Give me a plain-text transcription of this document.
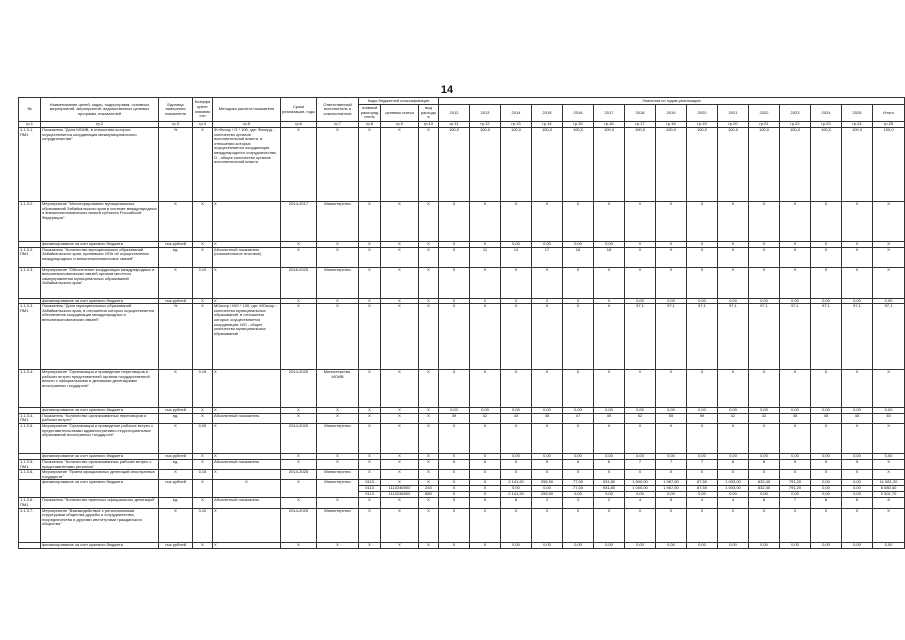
14
№	Наименование целей, задач, подпрограмм, основных мероприятий, мероприятий, ведомственных целевых программ, показателей	Единица измерения показателя	Коэффициент значимости	Методика расчета показателя	Сроки реализации, годы	Ответственный исполнитель и соисполнители	Коды бюджетной классификации			Значения по годам реализации														
							главный распорядитель	целевая статья	вид расходов	2012	2013	2014	2015	2016	2017	2018	2019	2020	2021	2022	2023	2024	2025	Итого
гр.1	гр.2	гр.3	гр.4	гр.5	гр.6	гр.7	гр.8	гр.9	гр.10	гр.11	гр.12	гр.13	гр.14	гр.15	гр.16	гр.17	гр.18	гр.19	гр.20	гр.21	гр.22	гр.23	гр.24	гр.25
1.1.3.1. ПМ1	Показатель "Доля МОИВ, в отношении которых осуществляется координация межмуниципального сотрудничества"	%	X	Ф=Фкоор / О * 100, где: Фкоорд - количество органов исполнительной власти, в отношении которых осуществляется координация международного сотрудничества; О - общее количество органов исполнительной власти	X	X	X	X	X	100,0	100,0	100,0	100,0	100,0	100,0	100,0	100,0	100,0	100,0	100,0	100,0	100,0	100,0	100,0
1.1.3.2.	Мероприятие "Мониторирование муниципальных образований Забайкальского края в системе международных и внешнеэкономических связей субъекта Российской Федерации"	X	X	X	2014-2017	Министерство	X	X	X	X	X	X	X	X	X	X	X	X	X	X	X	X	X	X
	финансирование за счет краевого бюджета	тыс.рублей	X	X	X	X	X	X	X	X	X	0,00	0,00	0,00	0,00	X	X	X	X	X	X	X	X	X
1.1.3.2. ПМ1	Показатель "Количество муниципальных образований Забайкальского края, принявших НПА об осуществлении международных и внешнеэкономических связей"	ед.	X	Абсолютный показатель (показательное итоговое)	X	X	X	X	X	5	11	14	17	16	18	X	X	X	X	X	X	X	X	X
1.1.3.3.	Мероприятие "Обеспечение координации международных и внешнеэкономических связей органов местного самоуправления муниципальных образований Забайкальского края"	X	0,10	X	2018-2025	Министерство	X	X	X	X	X	X	X	X	X	X	X	X	X	X	X	X	X	X
	финансирование за счет краевого бюджета	тыс.рублей	X	X	X	X	X	X	X	X	X	X	X	X	X	0,00	0,00	0,00	0,00	0,00	0,00	0,00	0,00	0,00
1.1.3.3. ПМ1	Показатель "Доля муниципальных образований Забайкальского края, в отношении которых осуществляется обеспечение координации международных и внешнеэкономических связей"	%	X	МОкоор / МО * 100, где: МОкоор - количество муниципальных образований, в отношении которых осуществляется координация; МО - общее количество муниципальных образований	X	X	X	X	X	X	X	X	X	X	X	97,1	97,1	97,1	97,1	97,1	97,1	97,1	97,1	97,1
1.1.3.4.	Мероприятие "Организация и проведение переговоров и рабочих встреч представителей органов государственной власти с официальными и деловыми делегациями иностранных государств"	X	0,15	X	2014-2025	Министерство, МОИВ	X	X	X	X	X	X	X	X	X	X	X	X	X	X	X	X	X	X
	финансирование за счет краевого бюджета	тыс.рублей	X	X	X	X	X	X	X	0,00	0,00	0,00	0,00	0,00	0,00	0,00	0,00	0,00	0,00	0,00	0,00	0,00	0,00	0,00
1.1.3.4. ПМ1	Показатель "Количество организованных переговоров и рабочих встреч"	ед.	X	Абсолютный показатель	X	X	X	X	X	39	42	43	45	47	49	52	55	59	42	42	45	45	45	45
1.1.3.5.	Мероприятие "Организация и проведение рабочих встреч с представительствами административно-территориальных образований иностранных государств"	X	0,05	X	2014-2025	Министерство	X	X	X	X	X	X	X	X	X	X	X	X	X	X	X	X	X	X
	финансирование за счет краевого бюджета	тыс.рублей	X	X	X	X	X	X	X	X	X	0,00	0,00	0,00	0,00	0,00	0,00	0,00	0,00	0,00	0,00	0,00	0,00	0,00
1.1.3.5. ПМ1	Показатель "Количество организованных рабочих встреч с представителями регионов"	ед.	X	Абсолютный показатель	X	X	X	X	X	6	6	5	5	6	6	7	7	7	8	8	9	9	9	9
1.1.3.6.	Мероприятие "Прием официальных делегаций иностранных государств"	X	0,15	X	2014-2025	Министерство	X	X	X	X	X	X	X	X	X	X	X	X	X	X	X	X	X	X
	финансирование за счет краевого бюджета	тыс.рублей	X	X	X	Министерство	0113	X	X	X	X	2 141,20	255,50	77,50	931,80	1 900,00	1 967,50	87,50	1 003,00	832,40	791,20	0,00	0,00	11 081,20
							0113	1110246900	240	X	X	0,00	0,00	77,00	931,80	1 000,00	1 967,50	87,50	1 003,00	832,40	791,20	0,00	0,00	8 680,40
							0113	1110246900	880	X	X	2 141,20	255,50	0,00	0,00	0,00	0,00	0,00	0,00	0,00	0,00	0,00	0,00	2 401,70
1.1.3.6. ПМ1	Показатель "Количество принятых официальных делегаций"	ед.	X	Абсолютный показатель	X	X	X	X	X	9	5	8	2	3	2	4	5	4	4	6	7	8	6	6
1.1.3.7.	Мероприятие "Взаимодействие с региональными структурами общества дружбы и сотрудничества, посредничества и другими институтами гражданского общества"	X	0,10	X	2014-2025	Министерство	X	X	X	X	X	X	X	X	X	X	X	X	X	X	X	X	X	X
	финансирование за счет краевого бюджета	тыс.рублей	X	X	X	X	X	X	X	X	X	0,00	0,00	0,00	0,00	0,00	0,00	0,00	0,00	0,00	0,00	0,00	0,00	0,00
